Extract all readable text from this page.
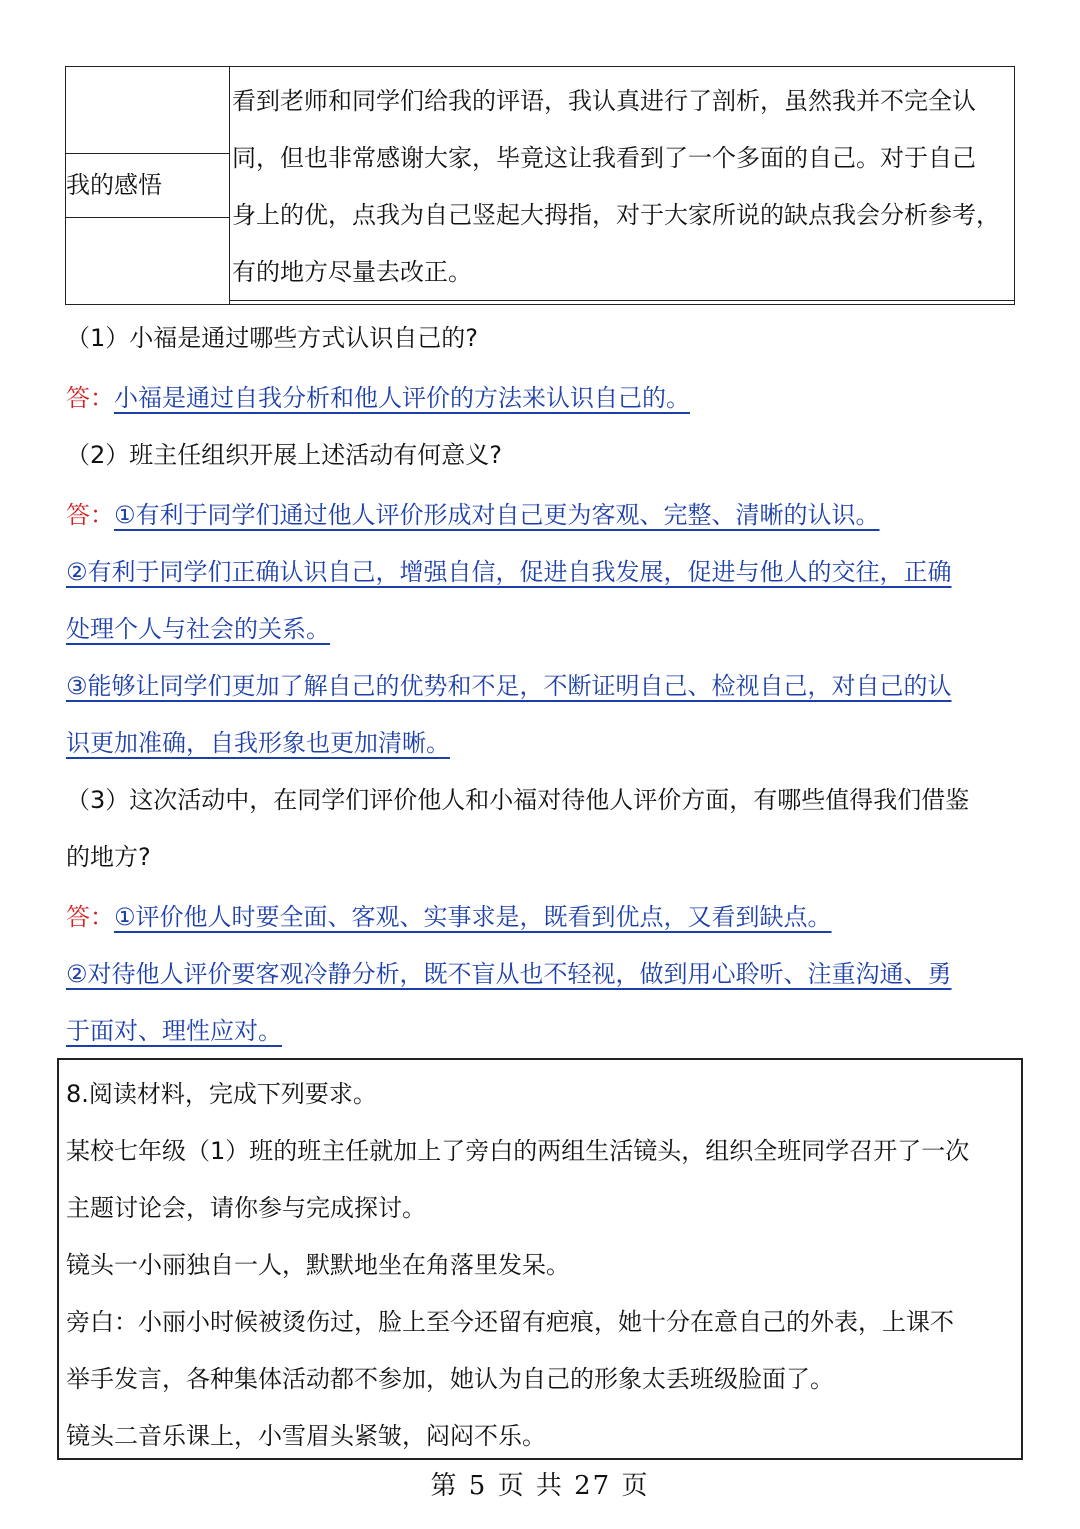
我的感悟
看到老师和同学们给我的评语，我认真进行了剖析，虽然我并不完全认
同，但也非常感谢大家，毕竟这让我看到了一个多面的自己。对于自己
身上的优，点我为自己竖起大拇指，对于大家所说的缺点我会分析参考，
有的地方尽量去改正。
（1）小福是通过哪些方式认识自己的?
答：小福是通过自我分析和他人评价的方法来认识自己的。
（2）班主任组织开展上述活动有何意义?
答：①有利于同学们通过他人评价形成对自己更为客观、完整、清晰的认识。
②有利于同学们正确认识自己，增强自信，促进自我发展，促进与他人的交往，正确
处理个人与社会的关系。
③能够让同学们更加了解自己的优势和不足，不断证明自己、检视自己，对自己的认
识更加准确，自我形象也更加清晰。
（3）这次活动中，在同学们评价他人和小福对待他人评价方面，有哪些值得我们借鉴
的地方?
答：①评价他人时要全面、客观、实事求是，既看到优点，又看到缺点。
②对待他人评价要客观冷静分析，既不盲从也不轻视，做到用心聆听、注重沟通、勇
于面对、理性应对。
8.阅读材料，完成下列要求。
某校七年级（1）班的班主任就加上了旁白的两组生活镜头，组织全班同学召开了一次
主题讨论会，请你参与完成探讨。
镜头一小丽独自一人，默默地坐在角落里发呆。
旁白：小丽小时候被烫伤过，脸上至今还留有疤痕，她十分在意自己的外表，上课不
举手发言，各种集体活动都不参加，她认为自己的形象太丢班级脸面了。
镜头二音乐课上，小雪眉头紧皱，闷闷不乐。
第 5 页 共 27 页
